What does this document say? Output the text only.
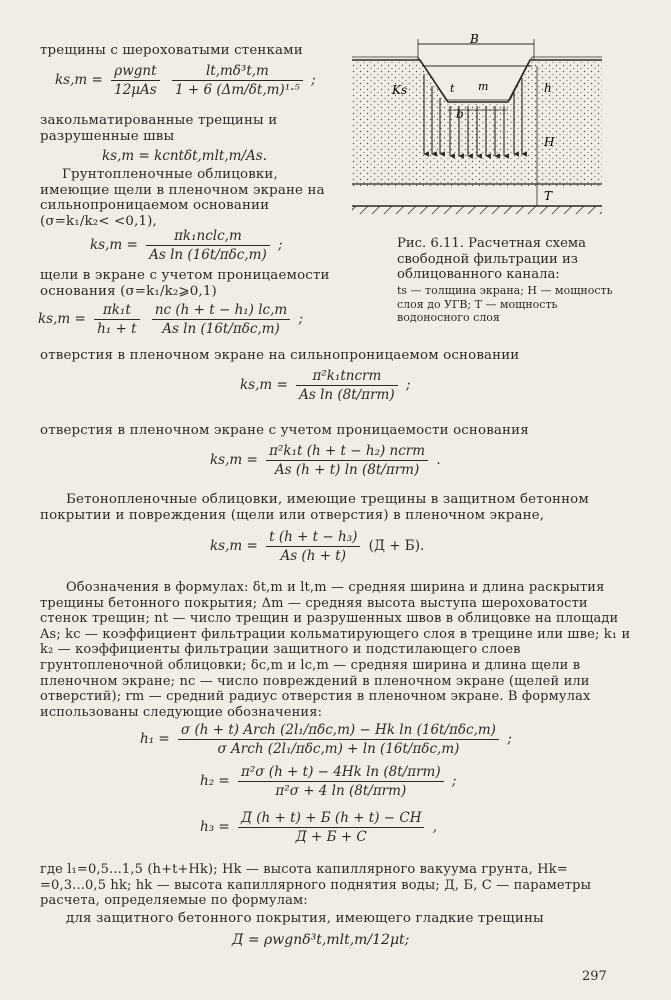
трещины с шероховатыми стенками
$ks,m = \frac{\text{ρwgnt}}{\text{12μAs}}$
$\frac{\text{lt,mδ³t,m}}{\text{1 + 6 (Δm/δt,m)¹·⁵}}$ ;
закольматированные трещины и разрушенные швы
ks,m = kcntδt,mlt,m/As.
Грунтопленочные облицовки, имеющие щели в пленочном экране на сильнопроницаемом основании (σ=k₁/k₂< <0,1),
$ks,m = \frac{\text{πk₁nclc,m}}{\text{As ln (16t/πδc,m)}}$ ;
щели в экране с учетом проницаемости основания (σ=k₁/k₂⩾0,1)
$ks,m = \frac{\text{πk₁t}}{\text{h₁ + t}}$
$\frac{\text{nc (h + t − h₁) lc,m}}{\text{As ln (16t/πδc,m)}}$ ;
B
b
Ks	t m	h
H
T
Рис. 6.11. Расчетная схема свободной фильтрации из облицованного канала:
ts — толщина экрана; H — мощность слоя до УГВ; T — мощность водоносного слоя
отверстия в пленочном экране на сильнопроницаемом основании
$ks,m = \frac{\text{π²k₁tncrm}}{\text{As ln (8t/πrm)}}$ ;
отверстия в пленочном экране с учетом проницаемости основания
$ks,m = \frac{\text{π²k₁t (h + t − h₂) ncrm}}{\text{As (h + t) ln (8t/πrm)}}$ .
Бетонопленочные облицовки, имеющие трещины в защитном бетонном покрытии и повреждения (щели или отверстия) в пленочном экране,
$ks,m = \frac{\text{t (h + t − h₃)}}{As (h + t)} (Д + Б)$.
Обозначения в формулах: δt,m и lt,m — средняя ширина и длина раскрытия трещины бетонного покрытия; Δm — средняя высота выступа шероховатости стенок трещин; nt — число трещин и разрушенных швов в облицовке на площади As; kc — коэффициент фильтрации кольматирующего слоя в трещине или шве; k₁ и k₂ — коэффициенты фильтрации защитного и подстилающего слоев грунтопленочной облицовки; δc,m и lc,m — средняя ширина и длина щели в пленочном экране; nc — число повреждений в пленочном экране (щелей или отверстий); rm — средний радиус отверстия в пленочном экране. В формулах использованы следующие обозначения:
$h_1 = \frac{\text{σ (h + t) Arch (2l₁/πδc,m) − Hk ln (16t/πδc,m)}}{\text{σ Arch (2l₁/πδc,m) + ln (16t/πδc,m)}}$ ;
$h_2 = \frac{\text{π²σ (h + t) − 4Hk ln (8t/πrm)}}{\text{π²σ + 4 ln (8t/πrm)}}$ ;
$h_3 = \frac{Д (h + t) + Б (h + t) - CH}{Д + Б + С}$ ,
где l₁=0,5...1,5 (h+t+Hk); Hk — высота капиллярного вакуума грунта, Hk= =0,3...0,5 hk; hk — высота капиллярного поднятия воды; Д, Б, С — параметры расчета, определяемые по формулам:
для защитного бетонного покрытия, имеющего гладкие трещины
Д = ρwgnδ³t,mlt,m/12μt;
297
